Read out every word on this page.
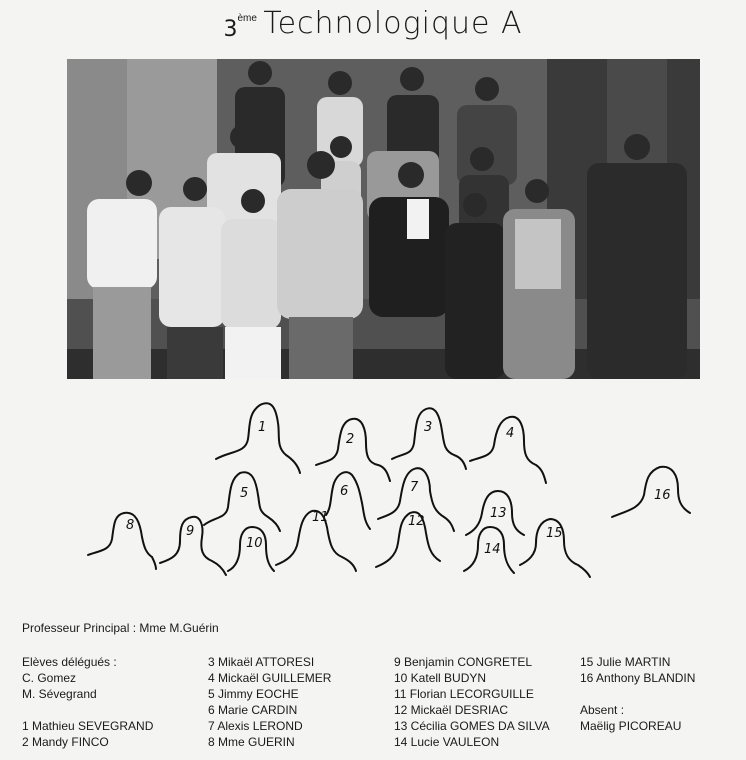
3ème Technologique A
1
2
3	4
5	6	7
8	9
10
11	12
13
14
15
16
Professeur Principal : Mme M.Guérin
Elèves délégués :
C. Gomez
M. Sévegrand
1 Mathieu SEVEGRAND
2 Mandy FINCO
3 Mikaël ATTORESI
4 Mickaël GUILLEMER
5 Jimmy EOCHE
6 Marie CARDIN
7 Alexis LEROND
8 Mme GUERIN
9 Benjamin CONGRETEL
10 Katell BUDYN
11 Florian LECORGUILLE
12 Mickaël DESRIAC
13 Cécilia GOMES DA SILVA
14 Lucie VAULEON
15 Julie MARTIN
16 Anthony BLANDIN
Absent :
Maëlig PICOREAU
